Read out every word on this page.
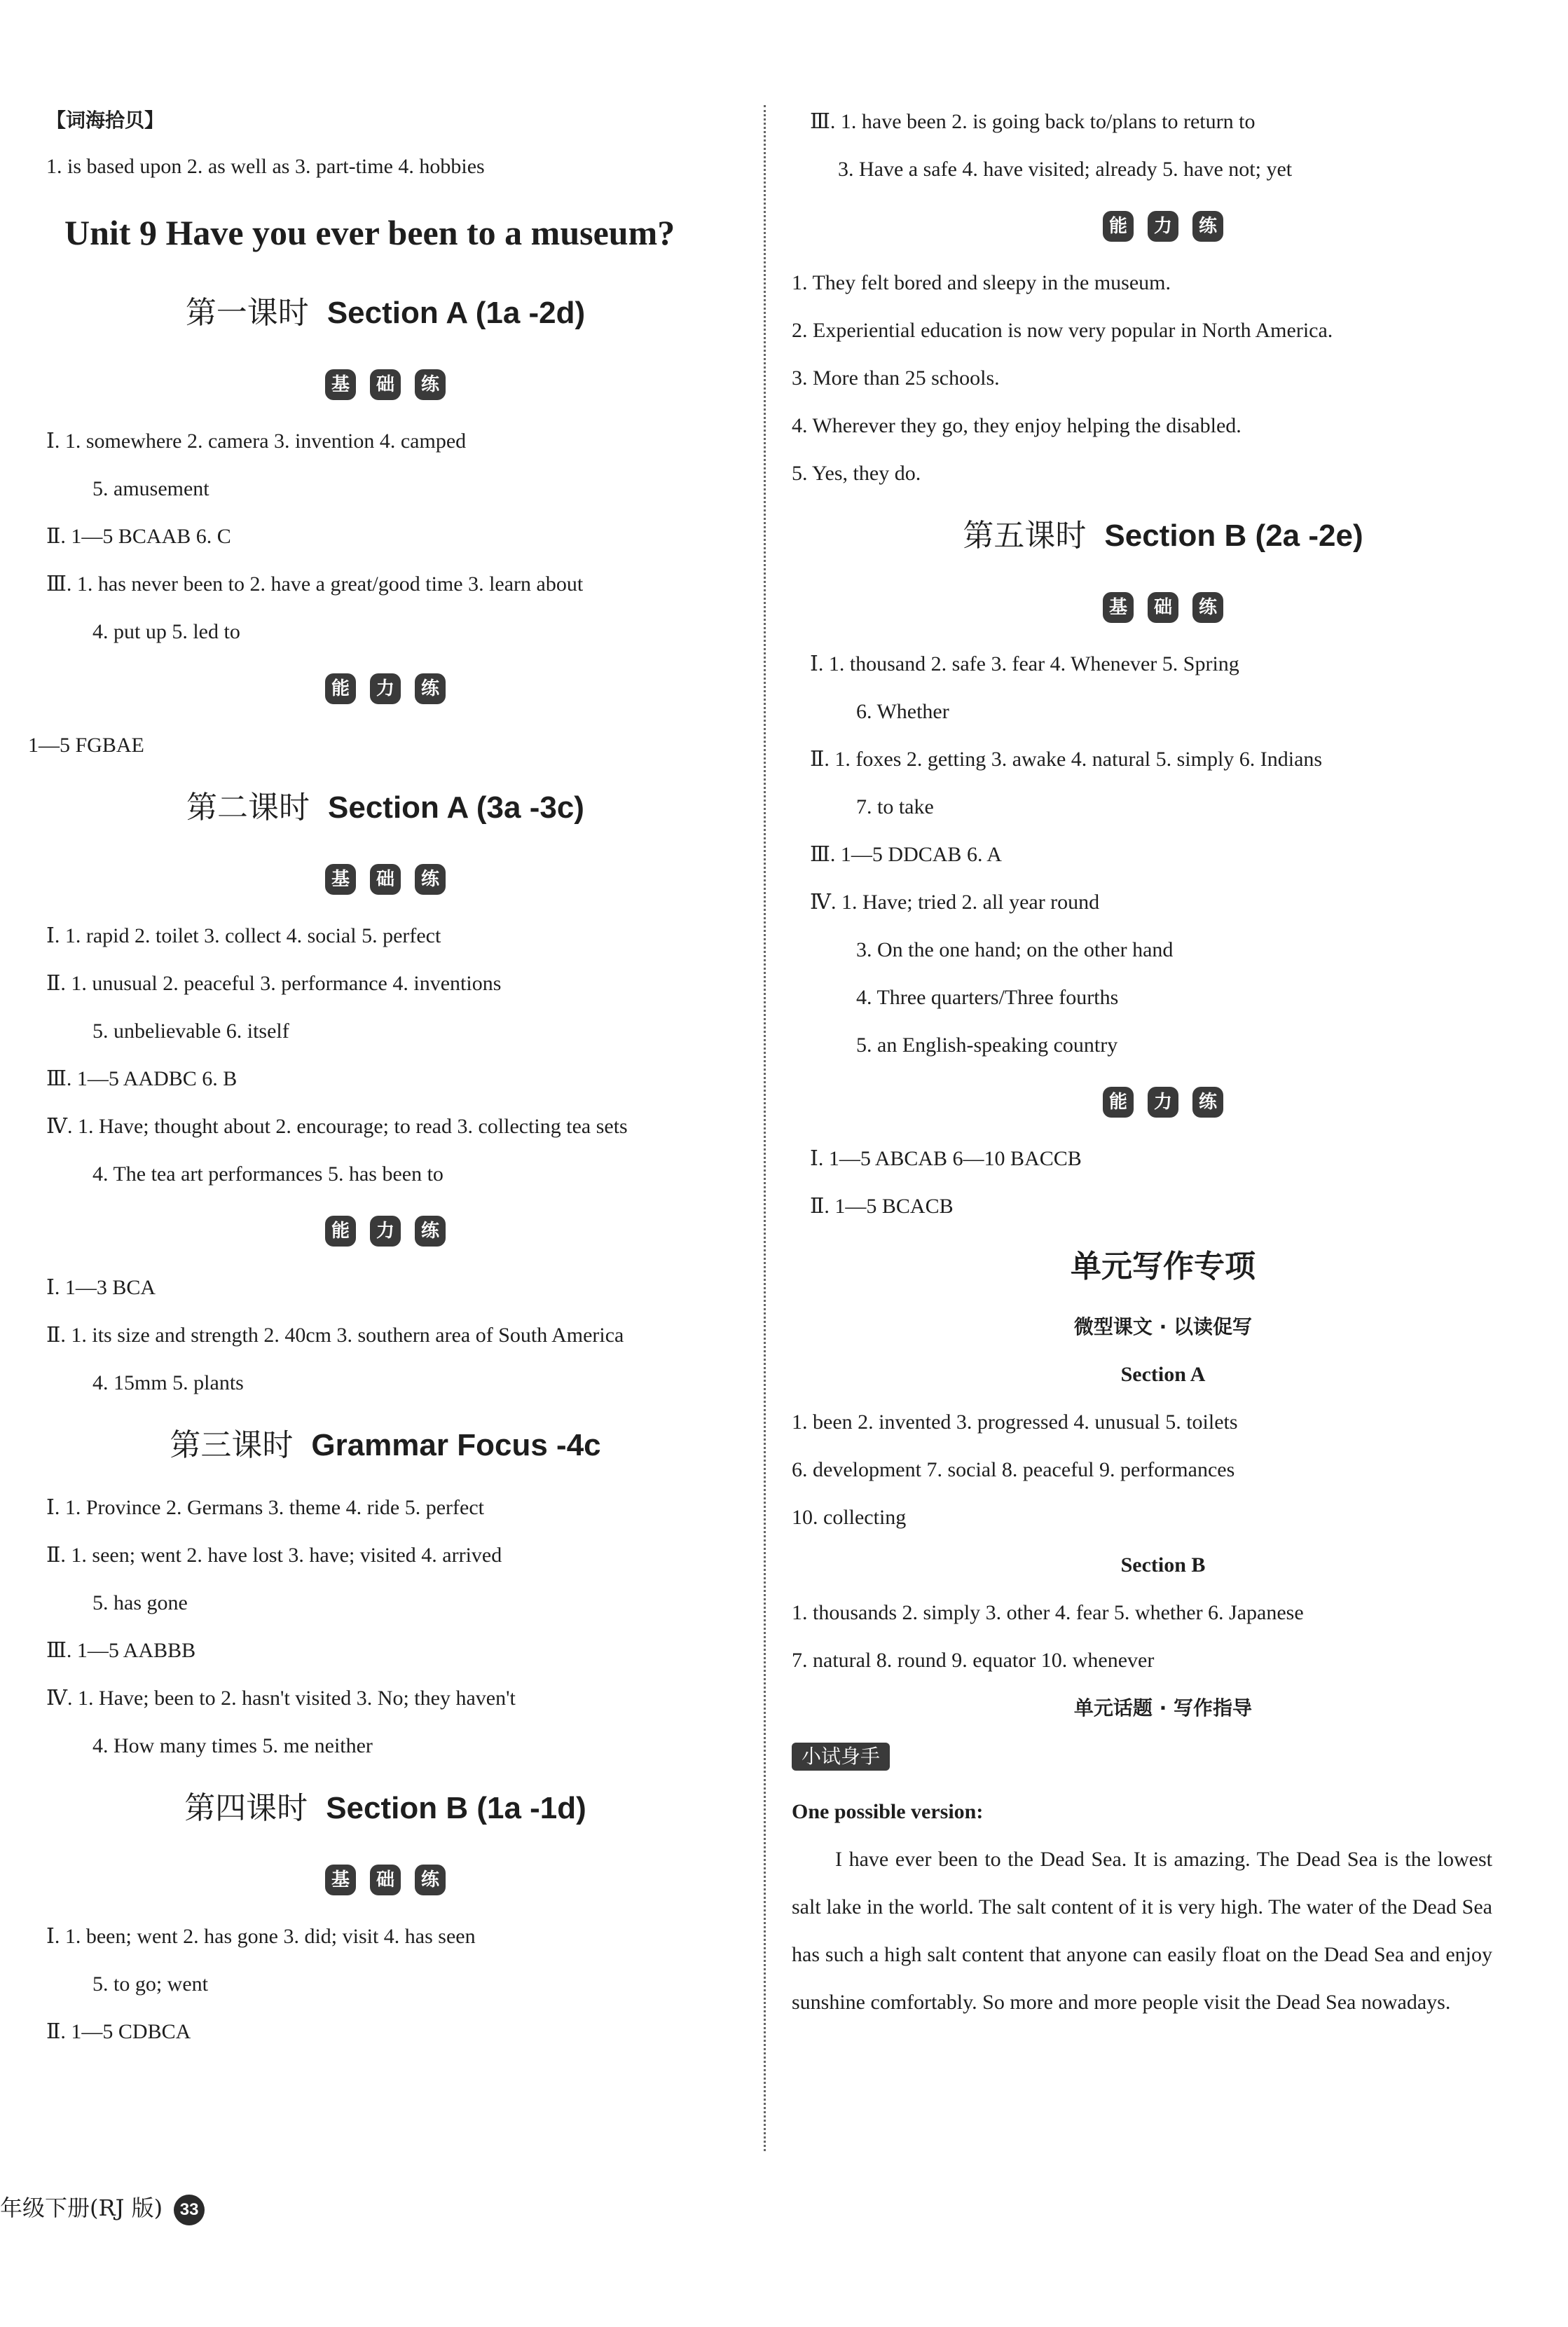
【词海拾贝】
1. is based upon 2. as well as 3. part-time 4. hobbies
Unit 9 Have you ever been to a museum?
第一课时 Section A (1a -2d)
基 础 练
Ⅰ. 1. somewhere 2. camera 3. invention 4. camped
5. amusement
Ⅱ. 1—5 BCAAB 6. C
Ⅲ. 1. has never been to 2. have a great/good time 3. learn about
4. put up 5. led to
能 力 练
1—5 FGBAE
第二课时 Section A (3a -3c)
基 础 练
Ⅰ. 1. rapid 2. toilet 3. collect 4. social 5. perfect
Ⅱ. 1. unusual 2. peaceful 3. performance 4. inventions
5. unbelievable 6. itself
Ⅲ. 1—5 AADBC 6. B
Ⅳ. 1. Have; thought about 2. encourage; to read 3. collecting tea sets
4. The tea art performances 5. has been to
能 力 练
Ⅰ. 1—3 BCA
Ⅱ. 1. its size and strength 2. 40cm 3. southern area of South America
4. 15mm 5. plants
第三课时 Grammar Focus -4c
Ⅰ. 1. Province 2. Germans 3. theme 4. ride 5. perfect
Ⅱ. 1. seen; went 2. have lost 3. have; visited 4. arrived
5. has gone
Ⅲ. 1—5 AABBB
Ⅳ. 1. Have; been to 2. hasn't visited 3. No; they haven't
4. How many times 5. me neither
第四课时 Section B (1a -1d)
基 础 练
Ⅰ. 1. been; went 2. has gone 3. did; visit 4. has seen
5. to go; went
Ⅱ. 1—5 CDBCA
Ⅲ. 1. have been 2. is going back to/plans to return to
3. Have a safe 4. have visited; already 5. have not; yet
能 力 练
1. They felt bored and sleepy in the museum.
2. Experiential education is now very popular in North America.
3. More than 25 schools.
4. Wherever they go, they enjoy helping the disabled.
5. Yes, they do.
第五课时 Section B (2a -2e)
基 础 练
Ⅰ. 1. thousand 2. safe 3. fear 4. Whenever 5. Spring
6. Whether
Ⅱ. 1. foxes 2. getting 3. awake 4. natural 5. simply 6. Indians
7. to take
Ⅲ. 1—5 DDCAB 6. A
Ⅳ. 1. Have; tried 2. all year round
3. On the one hand; on the other hand
4. Three quarters/Three fourths
5. an English-speaking country
能 力 练
Ⅰ. 1—5 ABCAB 6—10 BACCB
Ⅱ. 1—5 BCACB
单元写作专项
微型课文 · 以读促写
Section A
1. been 2. invented 3. progressed 4. unusual 5. toilets
6. development 7. social 8. peaceful 9. performances
10. collecting
Section B
1. thousands 2. simply 3. other 4. fear 5. whether 6. Japanese
7. natural 8. round 9. equator 10. whenever
单元话题 · 写作指导
小试身手
One possible version:
I have ever been to the Dead Sea. It is amazing. The Dead Sea is the lowest salt lake in the world. The salt content of it is very high. The water of the Dead Sea has such a high salt content that anyone can easily float on the Dead Sea and enjoy sunshine comfortably. So more and more people visit the Dead Sea nowadays.
年级下册(RJ 版) 33
